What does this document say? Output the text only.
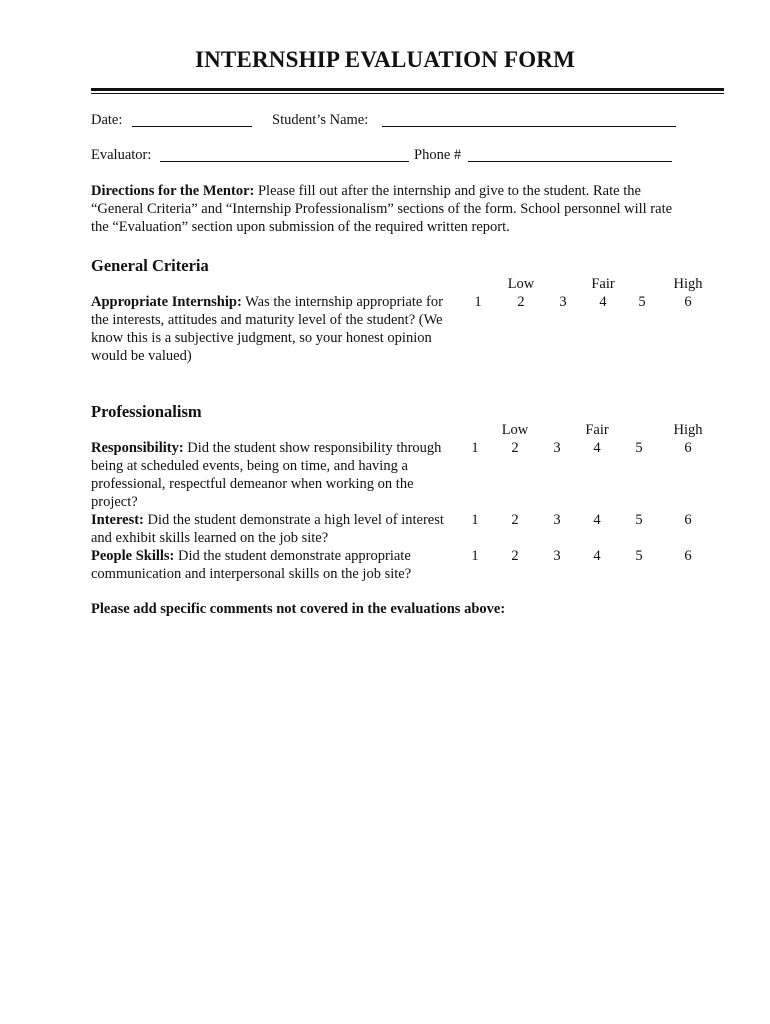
INTERNSHIP EVALUATION FORM
Date:	Student’s Name:
Evaluator:	Phone #
Directions for the Mentor: Please fill out after the internship and give to the student. Rate the “General Criteria” and “Internship Professionalism” sections of the form. School personnel will rate the “Evaluation” section upon submission of the required written report.
General Criteria
Low	Fair	High
Appropriate Internship: Was the internship appropriate for the interests, attitudes and maturity level of the student? (We know this is a subjective judgment, so your honest opinion would be valued)
1	2	3	4	5	6
Professionalism
Low	Fair	High
Responsibility: Did the student show responsibility through being at scheduled events, being on time, and having a professional, respectful demeanor when working on the project?
1	2	3	4	5	6
Interest: Did the student demonstrate a high level of interest and exhibit skills learned on the job site?
1	2	3	4	5	6
People Skills: Did the student demonstrate appropriate communication and interpersonal skills on the job site?
1	2	3	4	5	6
Please add specific comments not covered in the evaluations above:
